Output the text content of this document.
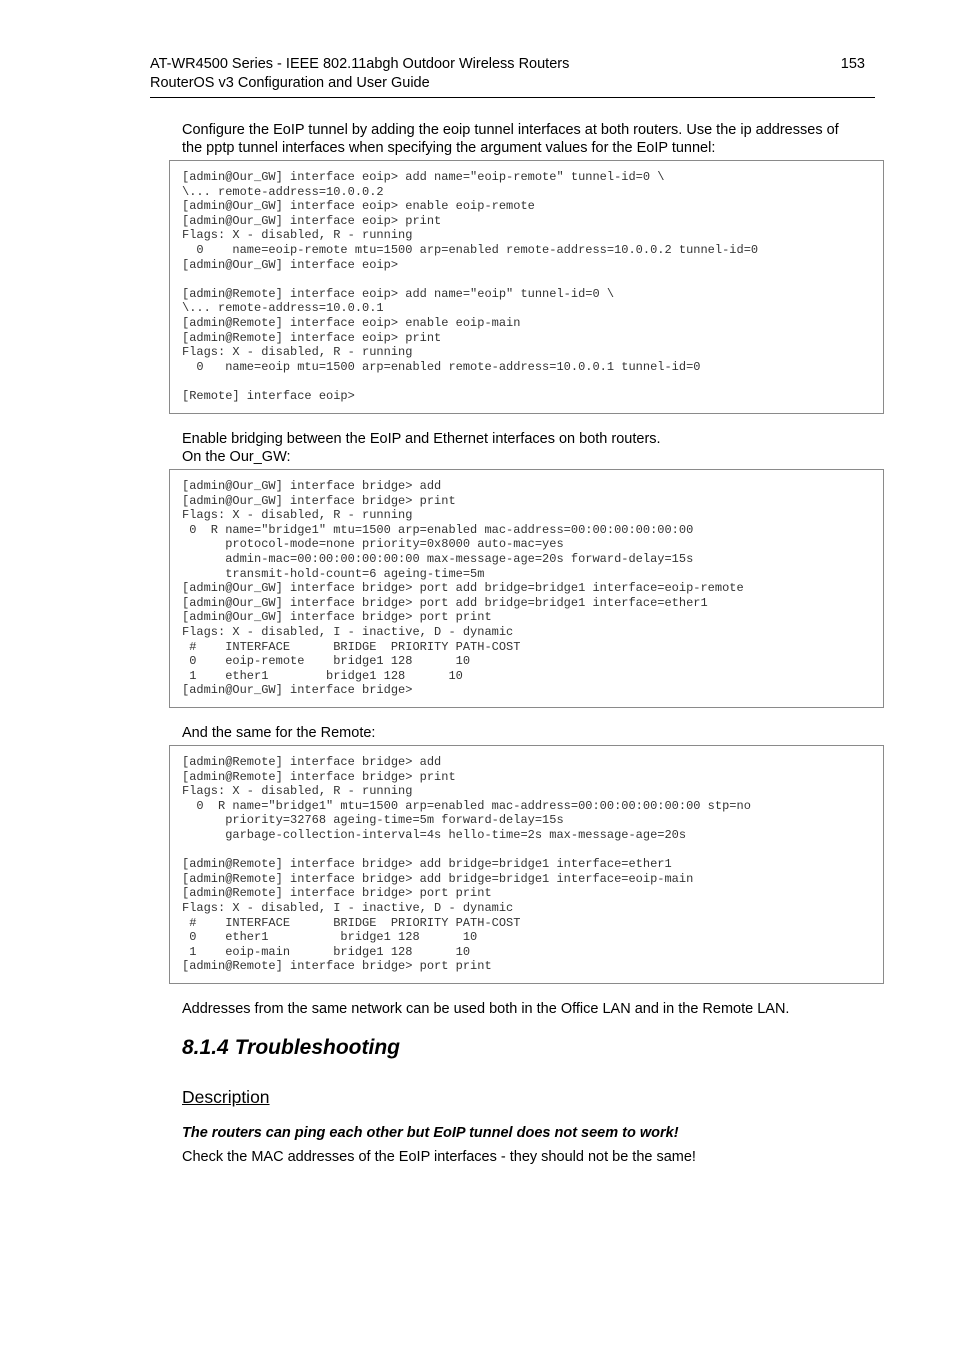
AT-WR4500 Series - IEEE 802.11abgh Outdoor Wireless Routers
RouterOS v3 Configuration and User Guide
153
Configure the EoIP tunnel by adding the eoip tunnel interfaces at both routers. Use the ip addresses of
the pptp tunnel interfaces when specifying the argument values for the EoIP tunnel:
[admin@Our_GW] interface eoip> add name="eoip-remote" tunnel-id=0 \
\... remote-address=10.0.0.2
[admin@Our_GW] interface eoip> enable eoip-remote
[admin@Our_GW] interface eoip> print
Flags: X - disabled, R - running
0    name=eoip-remote mtu=1500 arp=enabled remote-address=10.0.0.2 tunnel-id=0
[admin@Our_GW] interface eoip>

[admin@Remote] interface eoip> add name="eoip" tunnel-id=0 \
\... remote-address=10.0.0.1
[admin@Remote] interface eoip> enable eoip-main
[admin@Remote] interface eoip> print
Flags: X - disabled, R - running
0   name=eoip mtu=1500 arp=enabled remote-address=10.0.0.1 tunnel-id=0

[Remote] interface eoip>
Enable bridging between the EoIP and Ethernet interfaces on both routers.
On the Our_GW:
[admin@Our_GW] interface bridge> add
[admin@Our_GW] interface bridge> print
Flags: X - disabled, R - running
0  R name="bridge1" mtu=1500 arp=enabled mac-address=00:00:00:00:00:00
protocol-mode=none priority=0x8000 auto-mac=yes
admin-mac=00:00:00:00:00:00 max-message-age=20s forward-delay=15s
transmit-hold-count=6 ageing-time=5m
[admin@Our_GW] interface bridge> port add bridge=bridge1 interface=eoip-remote
[admin@Our_GW] interface bridge> port add bridge=bridge1 interface=ether1
[admin@Our_GW] interface bridge> port print
Flags: X - disabled, I - inactive, D - dynamic
#    INTERFACE      BRIDGE  PRIORITY PATH-COST
0    eoip-remote    bridge1 128      10
1    ether1        bridge1 128      10
[admin@Our_GW] interface bridge>
And the same for the Remote:
[admin@Remote] interface bridge> add
[admin@Remote] interface bridge> print
Flags: X - disabled, R - running
0  R name="bridge1" mtu=1500 arp=enabled mac-address=00:00:00:00:00:00 stp=no
priority=32768 ageing-time=5m forward-delay=15s
garbage-collection-interval=4s hello-time=2s max-message-age=20s

[admin@Remote] interface bridge> add bridge=bridge1 interface=ether1
[admin@Remote] interface bridge> add bridge=bridge1 interface=eoip-main
[admin@Remote] interface bridge> port print
Flags: X - disabled, I - inactive, D - dynamic
#    INTERFACE      BRIDGE  PRIORITY PATH-COST
0    ether1          bridge1 128      10
1    eoip-main      bridge1 128      10
[admin@Remote] interface bridge> port print
Addresses from the same network can be used both in the Office LAN and in the Remote LAN.
8.1.4 Troubleshooting
Description
The routers can ping each other but EoIP tunnel does not seem to work!
Check the MAC addresses of the EoIP interfaces - they should not be the same!
